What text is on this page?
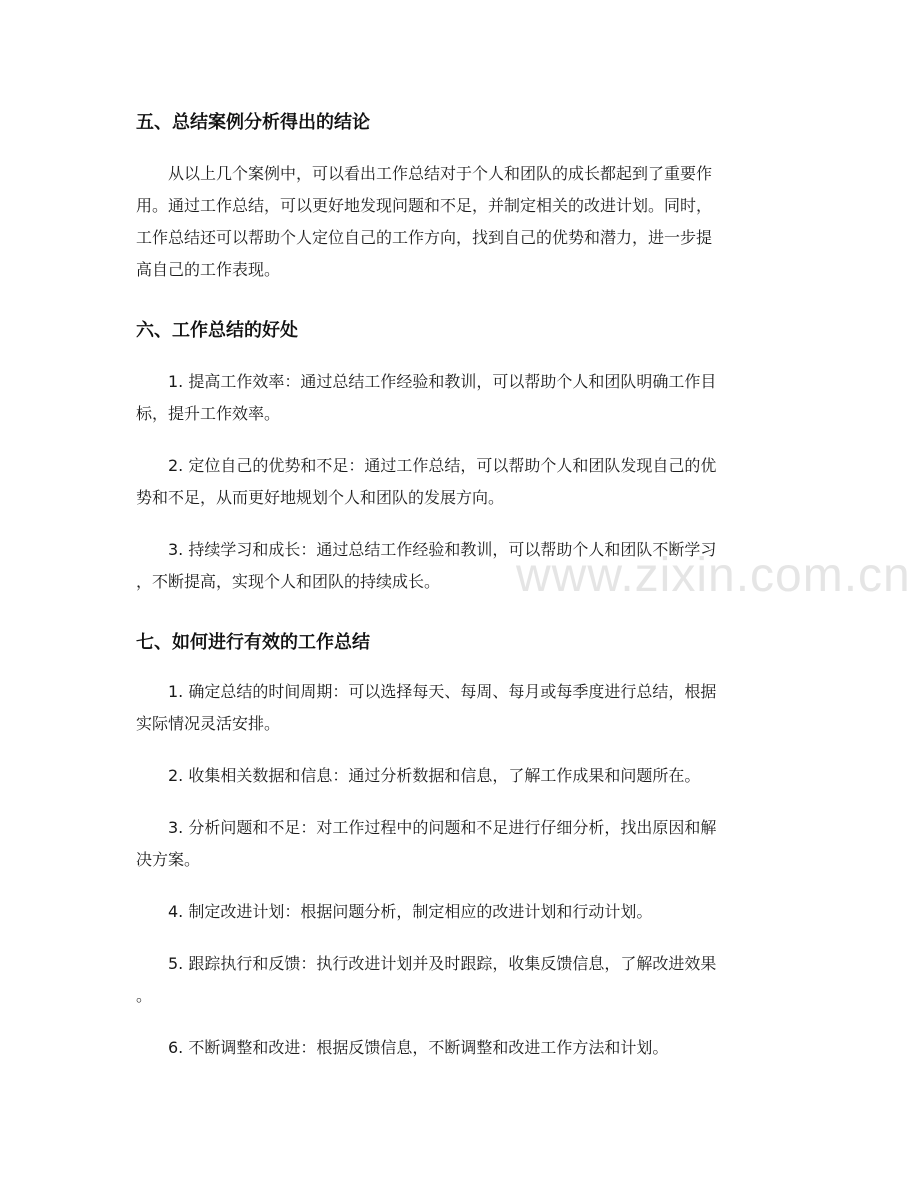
五、总结案例分析得出的结论
从以上几个案例中，可以看出工作总结对于个人和团队的成长都起到了重要作
用。通过工作总结，可以更好地发现问题和不足，并制定相关的改进计划。同时，
工作总结还可以帮助个人定位自己的工作方向，找到自己的优势和潜力，进一步提
高自己的工作表现。
六、工作总结的好处
1. 提高工作效率：通过总结工作经验和教训，可以帮助个人和团队明确工作目
标，提升工作效率。
2. 定位自己的优势和不足：通过工作总结，可以帮助个人和团队发现自己的优
势和不足，从而更好地规划个人和团队的发展方向。
3. 持续学习和成长：通过总结工作经验和教训，可以帮助个人和团队不断学习
，不断提高，实现个人和团队的持续成长。
七、如何进行有效的工作总结
1. 确定总结的时间周期：可以选择每天、每周、每月或每季度进行总结，根据
实际情况灵活安排。
2. 收集相关数据和信息：通过分析数据和信息，了解工作成果和问题所在。
3. 分析问题和不足：对工作过程中的问题和不足进行仔细分析，找出原因和解
决方案。
4. 制定改进计划：根据问题分析，制定相应的改进计划和行动计划。
5. 跟踪执行和反馈：执行改进计划并及时跟踪，收集反馈信息，了解改进效果
。
6. 不断调整和改进：根据反馈信息，不断调整和改进工作方法和计划。
www.zixin.com.cn
